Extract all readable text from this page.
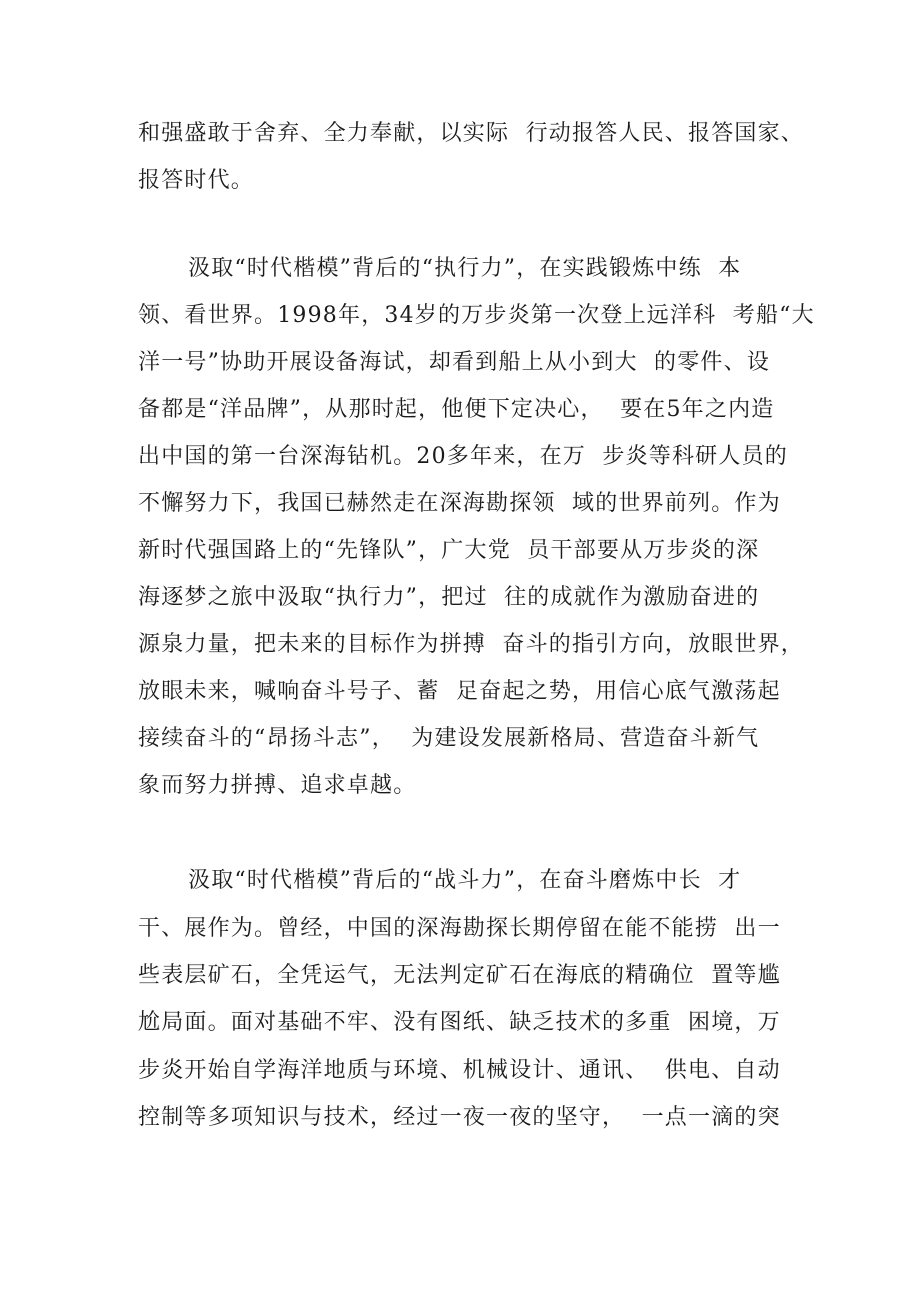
和强盛敢于舍弃、全力奉献，以实际  行动报答人民、报答国家、
报答时代。
汲取“时代楷模”背后的“执行力”，在实践锻炼中练  本
领、看世界。1998年，34岁的万步炎第一次登上远洋科  考船“大
洋一号”协助开展设备海试，却看到船上从小到大  的零件、设
备都是“洋品牌”，从那时起，他便下定决心，  要在5年之内造
出中国的第一台深海钻机。20多年来，在万  步炎等科研人员的
不懈努力下，我国已赫然走在深海勘探领  域的世界前列。作为
新时代强国路上的“先锋队”，广大党  员干部要从万步炎的深
海逐梦之旅中汲取“执行力”，把过  往的成就作为激励奋进的
源泉力量，把未来的目标作为拼搏  奋斗的指引方向，放眼世界，
放眼未来，喊响奋斗号子、蓄  足奋起之势，用信心底气激荡起
接续奋斗的“昂扬斗志”，  为建设发展新格局、营造奋斗新气
象而努力拼搏、追求卓越。
汲取“时代楷模”背后的“战斗力”，在奋斗磨炼中长  才
干、展作为。曾经，中国的深海勘探长期停留在能不能捞  出一
些表层矿石，全凭运气，无法判定矿石在海底的精确位  置等尴
尬局面。面对基础不牢、没有图纸、缺乏技术的多重  困境，万
步炎开始自学海洋地质与环境、机械设计、通讯、  供电、自动
控制等多项知识与技术，经过一夜一夜的坚守，  一点一滴的突
